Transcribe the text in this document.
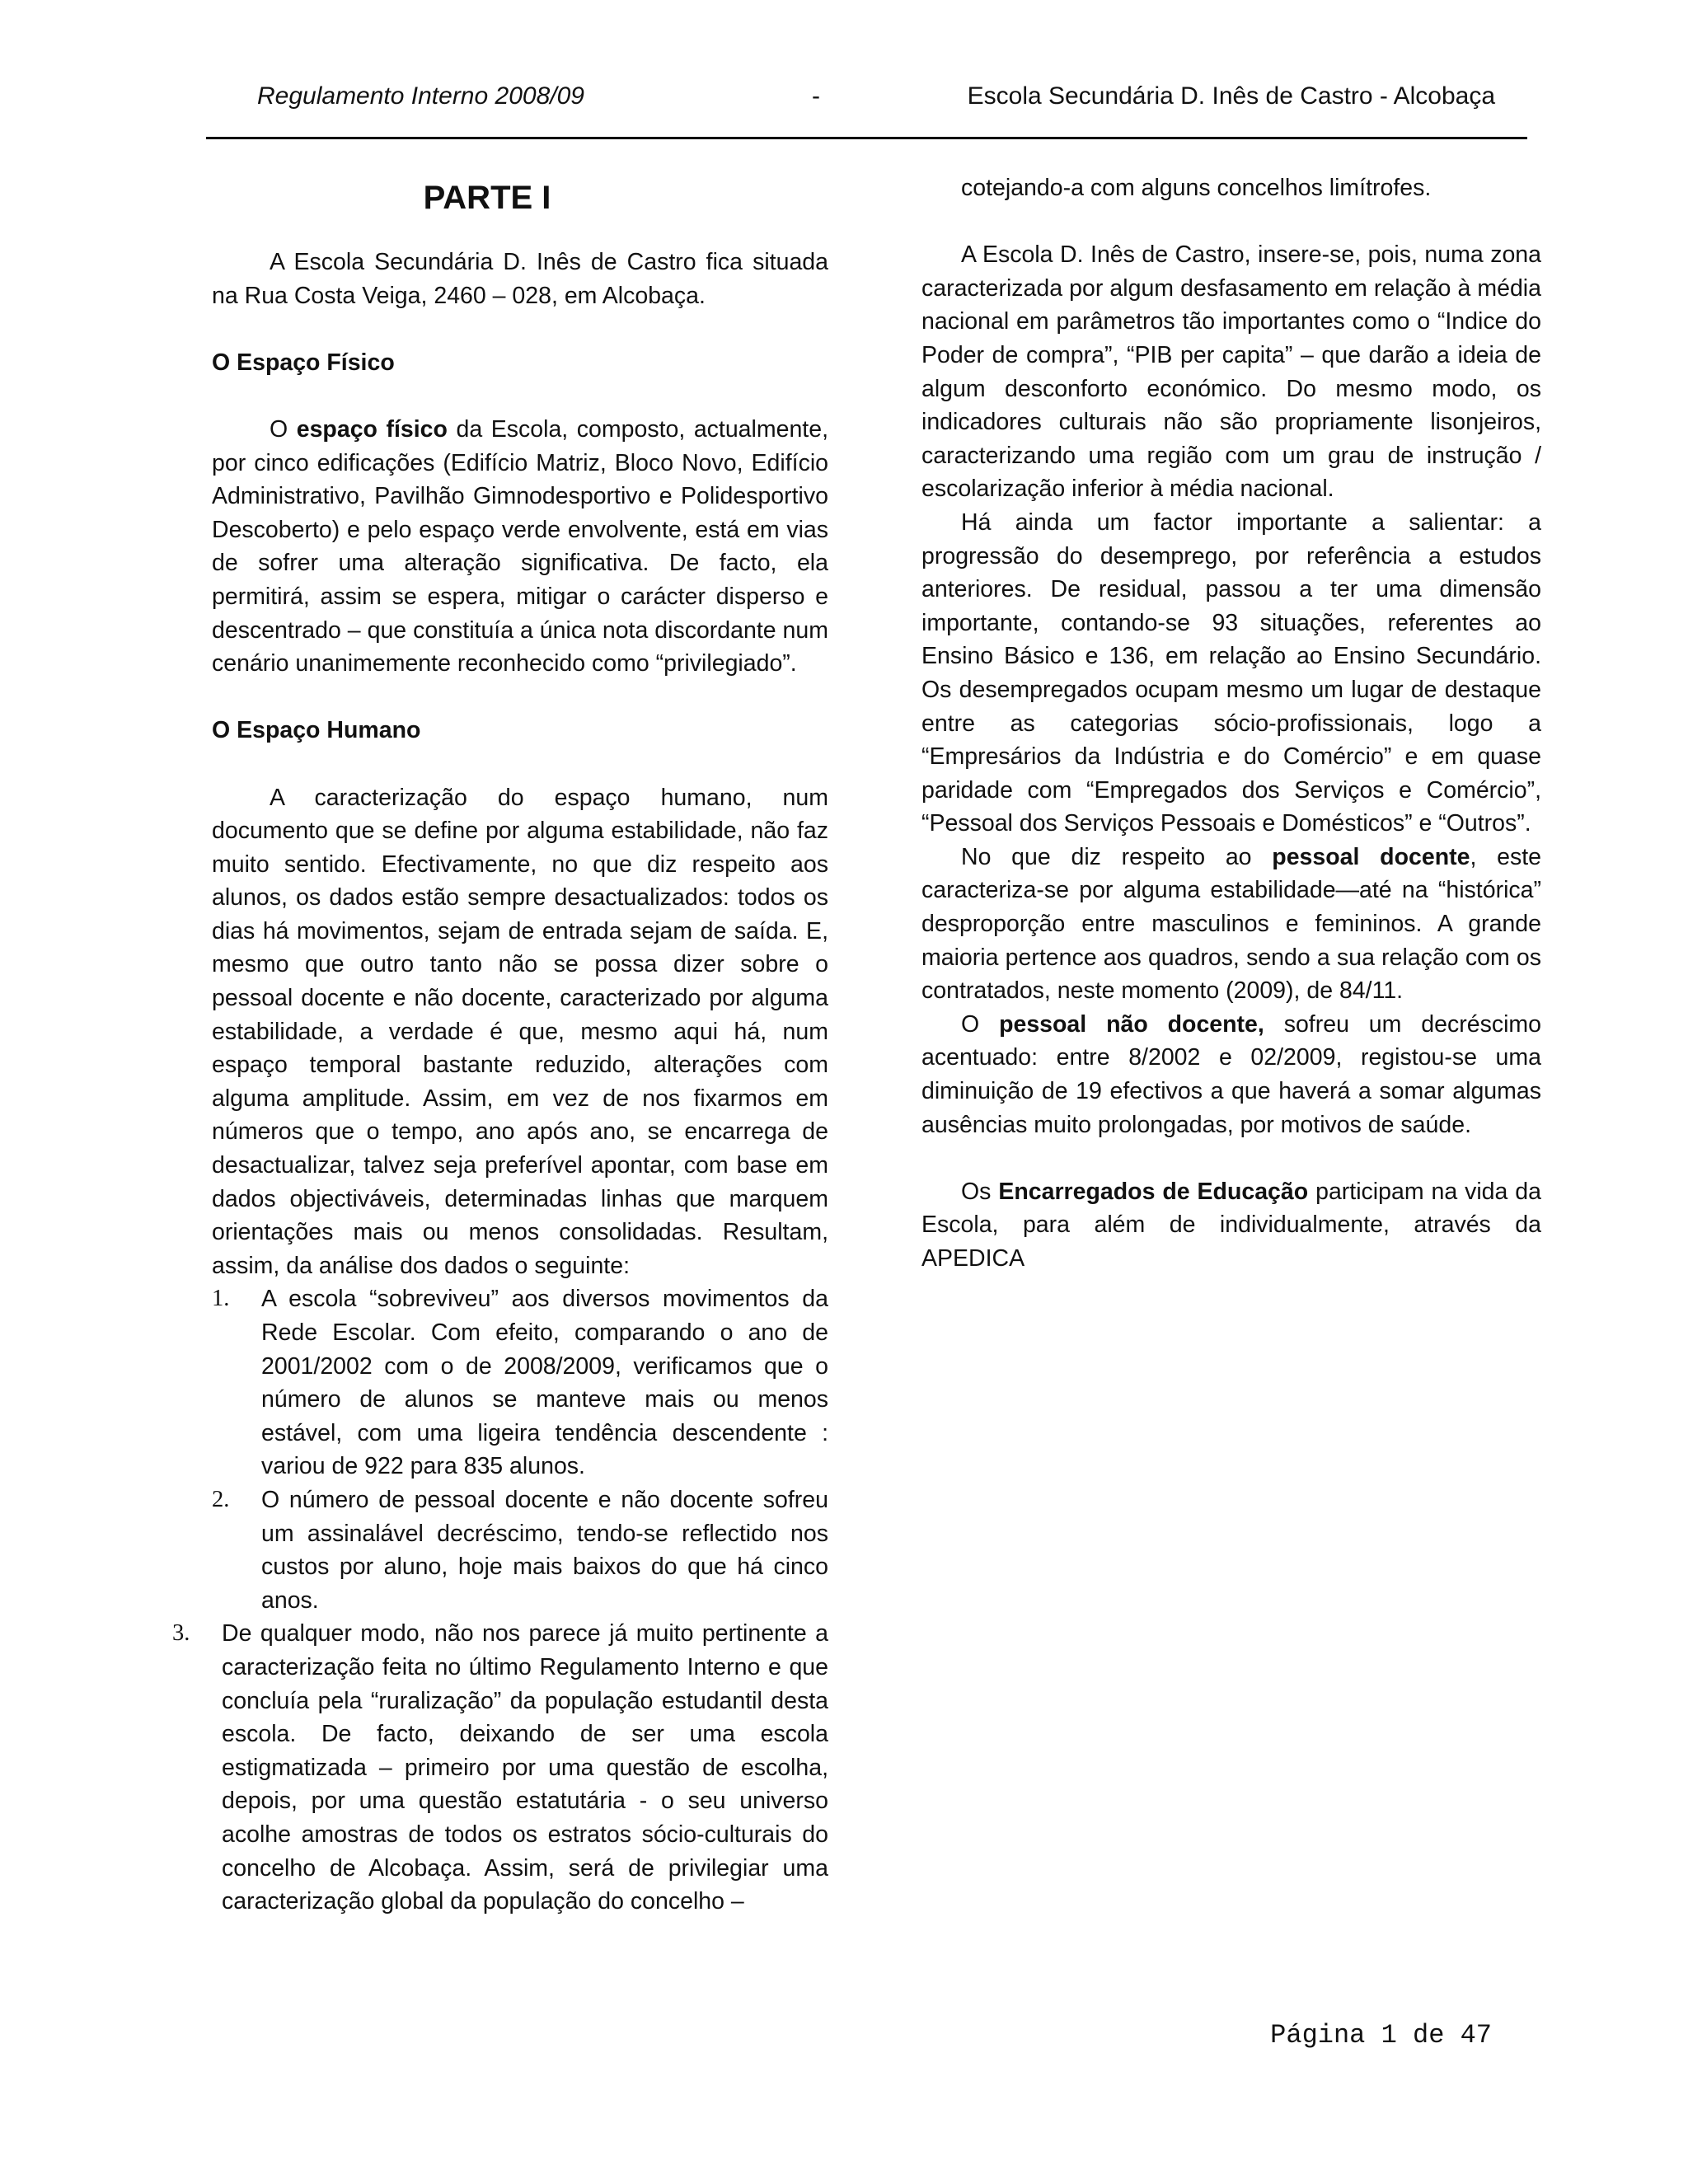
Regulamento Interno 2008/09	-	Escola Secundária D. Inês de Castro - Alcobaça
PARTE I

A Escola Secundária D. Inês de Castro fica situada na Rua Costa Veiga, 2460 – 028, em Alcobaça.

O Espaço Físico

O espaço físico da Escola, composto, actualmente, por cinco edificações (Edifício Matriz, Bloco Novo, Edifício Administrativo, Pavilhão Gimnodesportivo e Polidesportivo Descoberto) e pelo espaço verde envolvente, está em vias de sofrer uma alteração significativa. De facto, ela permitirá, assim se espera, mitigar o carácter disperso e descentrado – que constituía a única nota discordante num cenário unanimemente reconhecido como “privilegiado”.

O Espaço Humano

A caracterização do espaço humano, num documento que se define por alguma estabilidade, não faz muito sentido. Efectivamente, no que diz respeito aos alunos, os dados estão sempre desactualizados: todos os dias há movimentos, sejam de entrada sejam de saída. E, mesmo que outro tanto não se possa dizer sobre o pessoal docente e não docente, caracterizado por alguma estabilidade, a verdade é que, mesmo aqui há, num espaço temporal bastante reduzido, alterações com alguma amplitude. Assim, em vez de nos fixarmos em números que o tempo, ano após ano, se encarrega de desactualizar, talvez seja preferível apontar, com base em dados objectiváveis, determinadas linhas que marquem orientações mais ou menos consolidadas. Resultam, assim, da análise dos dados o seguinte:

1. A escola “sobreviveu” aos diversos movimentos da Rede Escolar. Com efeito, comparando o ano de 2001/2002 com o de 2008/2009, verificamos que o número de alunos se manteve mais ou menos estável, com uma ligeira tendência descendente : variou de 922 para 835 alunos.
2. O número de pessoal docente e não docente sofreu um assinalável decréscimo, tendo-se reflectido nos custos por aluno, hoje mais baixos do que há cinco anos.
3. De qualquer modo, não nos parece já muito pertinente a caracterização feita no último Regulamento Interno e que concluía pela “ruralização” da população estudantil desta escola. De facto, deixando de ser uma escola estigmatizada – primeiro por uma questão de escolha, depois, por uma questão estatutária - o seu universo acolhe amostras de todos os estratos sócio-culturais do concelho de Alcobaça. Assim, será de privilegiar uma caracterização global da população do concelho –

cotejando-a com alguns concelhos limítrofes.

A Escola D. Inês de Castro, insere-se, pois, numa zona caracterizada por algum desfasamento em relação à média nacional em parâmetros tão importantes como o “Indice do Poder de compra”, “PIB per capita” – que darão a ideia de algum desconforto económico. Do mesmo modo, os indicadores culturais não são propriamente lisonjeiros, caracterizando uma região com um grau de instrução / escolarização inferior à média nacional.

Há ainda um factor importante a salientar: a progressão do desemprego, por referência a estudos anteriores. De residual, passou a ter uma dimensão importante, contando-se 93 situações, referentes ao Ensino Básico e 136, em relação ao Ensino Secundário. Os desempregados ocupam mesmo um lugar de destaque entre as categorias sócio-profissionais, logo a “Empresários da Indústria e do Comércio” e em quase paridade com “Empregados dos Serviços e Comércio”, “Pessoal dos Serviços Pessoais e Domésticos” e “Outros”.

No que diz respeito ao pessoal docente, este caracteriza-se por alguma estabilidade—até na “histórica” desproporção entre masculinos e femininos. A grande maioria pertence aos quadros, sendo a sua relação com os contratados, neste momento (2009), de 84/11.

O pessoal não docente, sofreu um decréscimo acentuado: entre 8/2002 e 02/2009, registou-se uma diminuição de 19 efectivos a que haverá a somar algumas ausências muito prolongadas, por motivos de saúde.

Os Encarregados de Educação participam na vida da Escola, para além de individualmente, através da APEDICA

Página 1 de 47
